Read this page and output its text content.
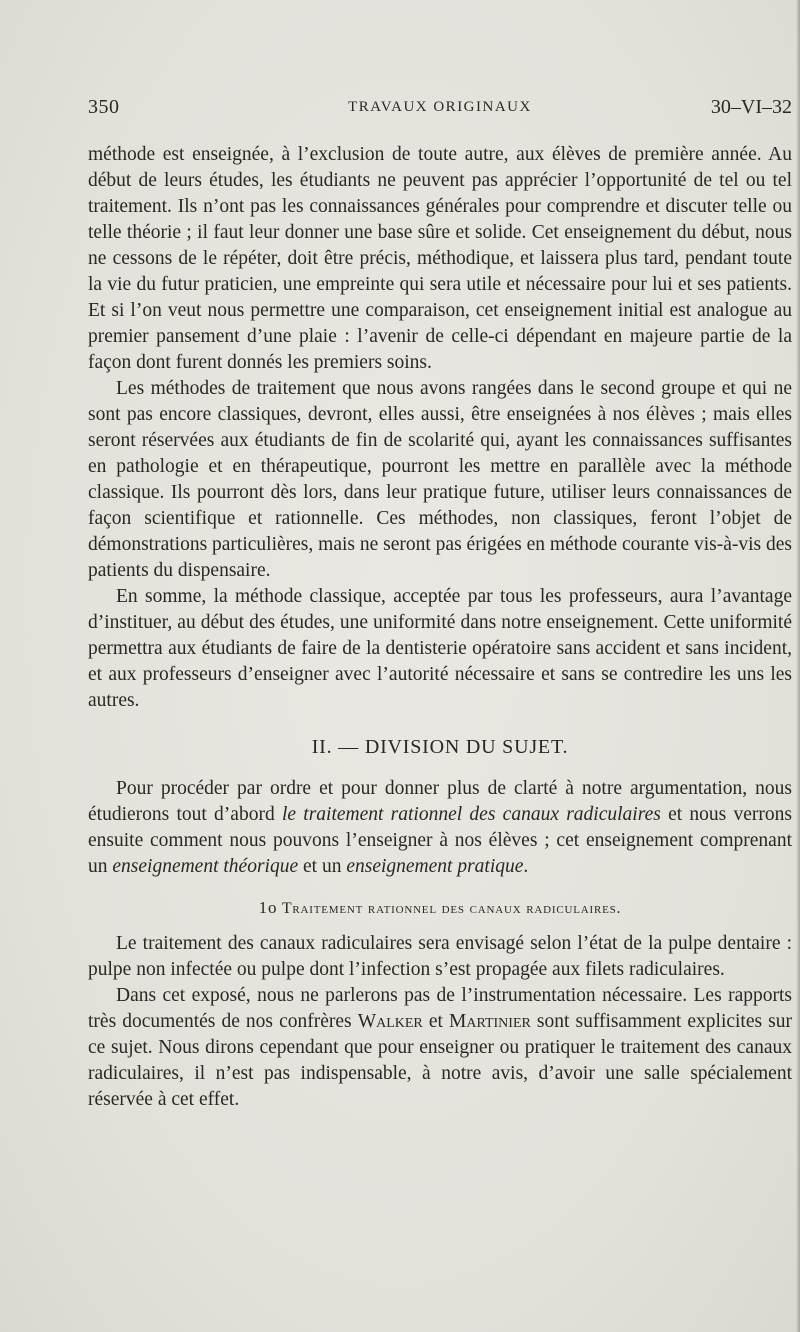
350	TRAVAUX ORIGINAUX	30–VI–32

méthode est enseignée, à l’exclusion de toute autre, aux élèves de première année. Au début de leurs études, les étudiants ne peuvent pas apprécier l’opportunité de tel ou tel traitement. Ils n’ont pas les connaissances générales pour comprendre et discuter telle ou telle théorie ; il faut leur donner une base sûre et solide. Cet enseignement du début, nous ne cessons de le répéter, doit être précis, méthodique, et laissera plus tard, pendant toute la vie du futur praticien, une empreinte qui sera utile et nécessaire pour lui et ses patients. Et si l’on veut nous permettre une comparaison, cet enseignement initial est analogue au premier pansement d’une plaie : l’avenir de celle-ci dépendant en majeure partie de la façon dont furent donnés les premiers soins.

Les méthodes de traitement que nous avons rangées dans le second groupe et qui ne sont pas encore classiques, devront, elles aussi, être enseignées à nos élèves ; mais elles seront réservées aux étudiants de fin de scolarité qui, ayant les connaissances suffisantes en pathologie et en thérapeutique, pourront les mettre en parallèle avec la méthode classique. Ils pourront dès lors, dans leur pratique future, utiliser leurs connaissances de façon scientifique et rationnelle. Ces méthodes, non classiques, feront l’objet de démonstrations particulières, mais ne seront pas érigées en méthode courante vis-à-vis des patients du dispensaire.

En somme, la méthode classique, acceptée par tous les professeurs, aura l’avantage d’instituer, au début des études, une uniformité dans notre enseignement. Cette uniformité permettra aux étudiants de faire de la dentisterie opératoire sans accident et sans incident, et aux professeurs d’enseigner avec l’autorité nécessaire et sans se contredire les uns les autres.

II. — DIVISION DU SUJET.

Pour procéder par ordre et pour donner plus de clarté à notre argumentation, nous étudierons tout d’abord le traitement rationnel des canaux radiculaires et nous verrons ensuite comment nous pouvons l’enseigner à nos élèves ; cet enseignement comprenant un enseignement théorique et un enseignement pratique.

1o Traitement rationnel des canaux radiculaires.

Le traitement des canaux radiculaires sera envisagé selon l’état de la pulpe dentaire : pulpe non infectée ou pulpe dont l’infection s’est propagée aux filets radiculaires.

Dans cet exposé, nous ne parlerons pas de l’instrumentation nécessaire. Les rapports très documentés de nos confrères Walker et Martinier sont suffisamment explicites sur ce sujet. Nous dirons cependant que pour enseigner ou pratiquer le traitement des canaux radiculaires, il n’est pas indispensable, à notre avis, d’avoir une salle spécialement réservée à cet effet.
